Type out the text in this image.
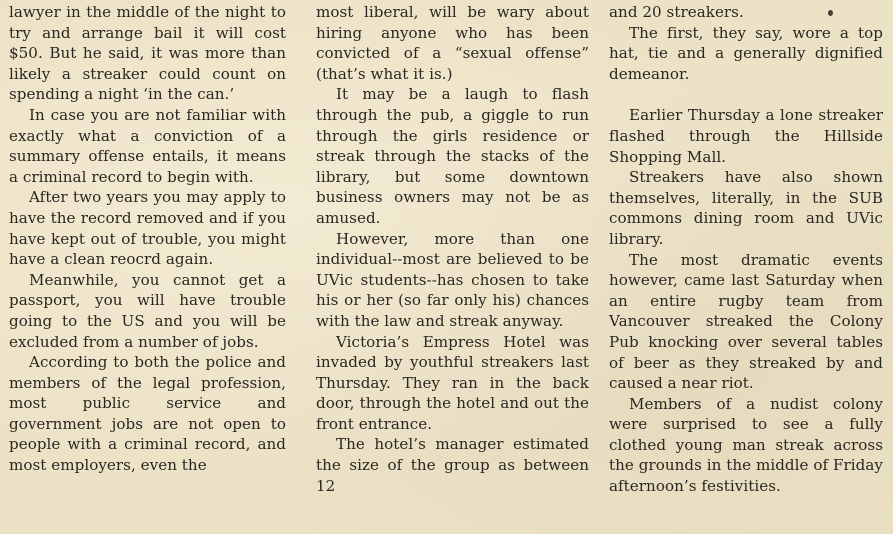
lawyer in the middle of the night to try and arrange bail it will cost $50. But he said, it was more than likely a streaker could count on spending a night ‘in the can.’

In case you are not familiar with exactly what a conviction of a summary offense entails, it means a criminal record to begin with.

After two years you may apply to have the record removed and if you have kept out of trouble, you might have a clean reocrd again.

Meanwhile, you cannot get a passport, you will have trouble going to the US and you will be excluded from a number of jobs.

According to both the police and members of the legal profession, most public service and government jobs are not open to people with a criminal record, and most employers, even the

most liberal, will be wary about hiring anyone who has been convicted of a “sexual offense” (that’s what it is.)

It may be a laugh to flash through the pub, a giggle to run through the girls residence or streak through the stacks of the library, but some downtown business owners may not be as amused.

However, more than one individual--most are believed to be UVic students--has chosen to take his or her (so far only his) chances with the law and streak anyway.

Victoria’s Empress Hotel was invaded by youthful streakers last Thursday. They ran in the back door, through the hotel and out the front entrance.

The hotel’s manager estimated the size of the group as between 12

and 20 streakers.

The first, they say, wore a top hat, tie and a generally dignified demeanor.

Earlier Thursday a lone streaker flashed through the Hillside Shopping Mall.

Streakers have also shown themselves, literally, in the SUB commons dining room and UVic library.

The most dramatic events however, came last Saturday when an entire rugby team from Vancouver streaked the Colony Pub knocking over several tables of beer as they streaked by and caused a near riot.

Members of a nudist colony were surprised to see a fully clothed young man streak across the grounds in the middle of Friday afternoon’s festivities.
